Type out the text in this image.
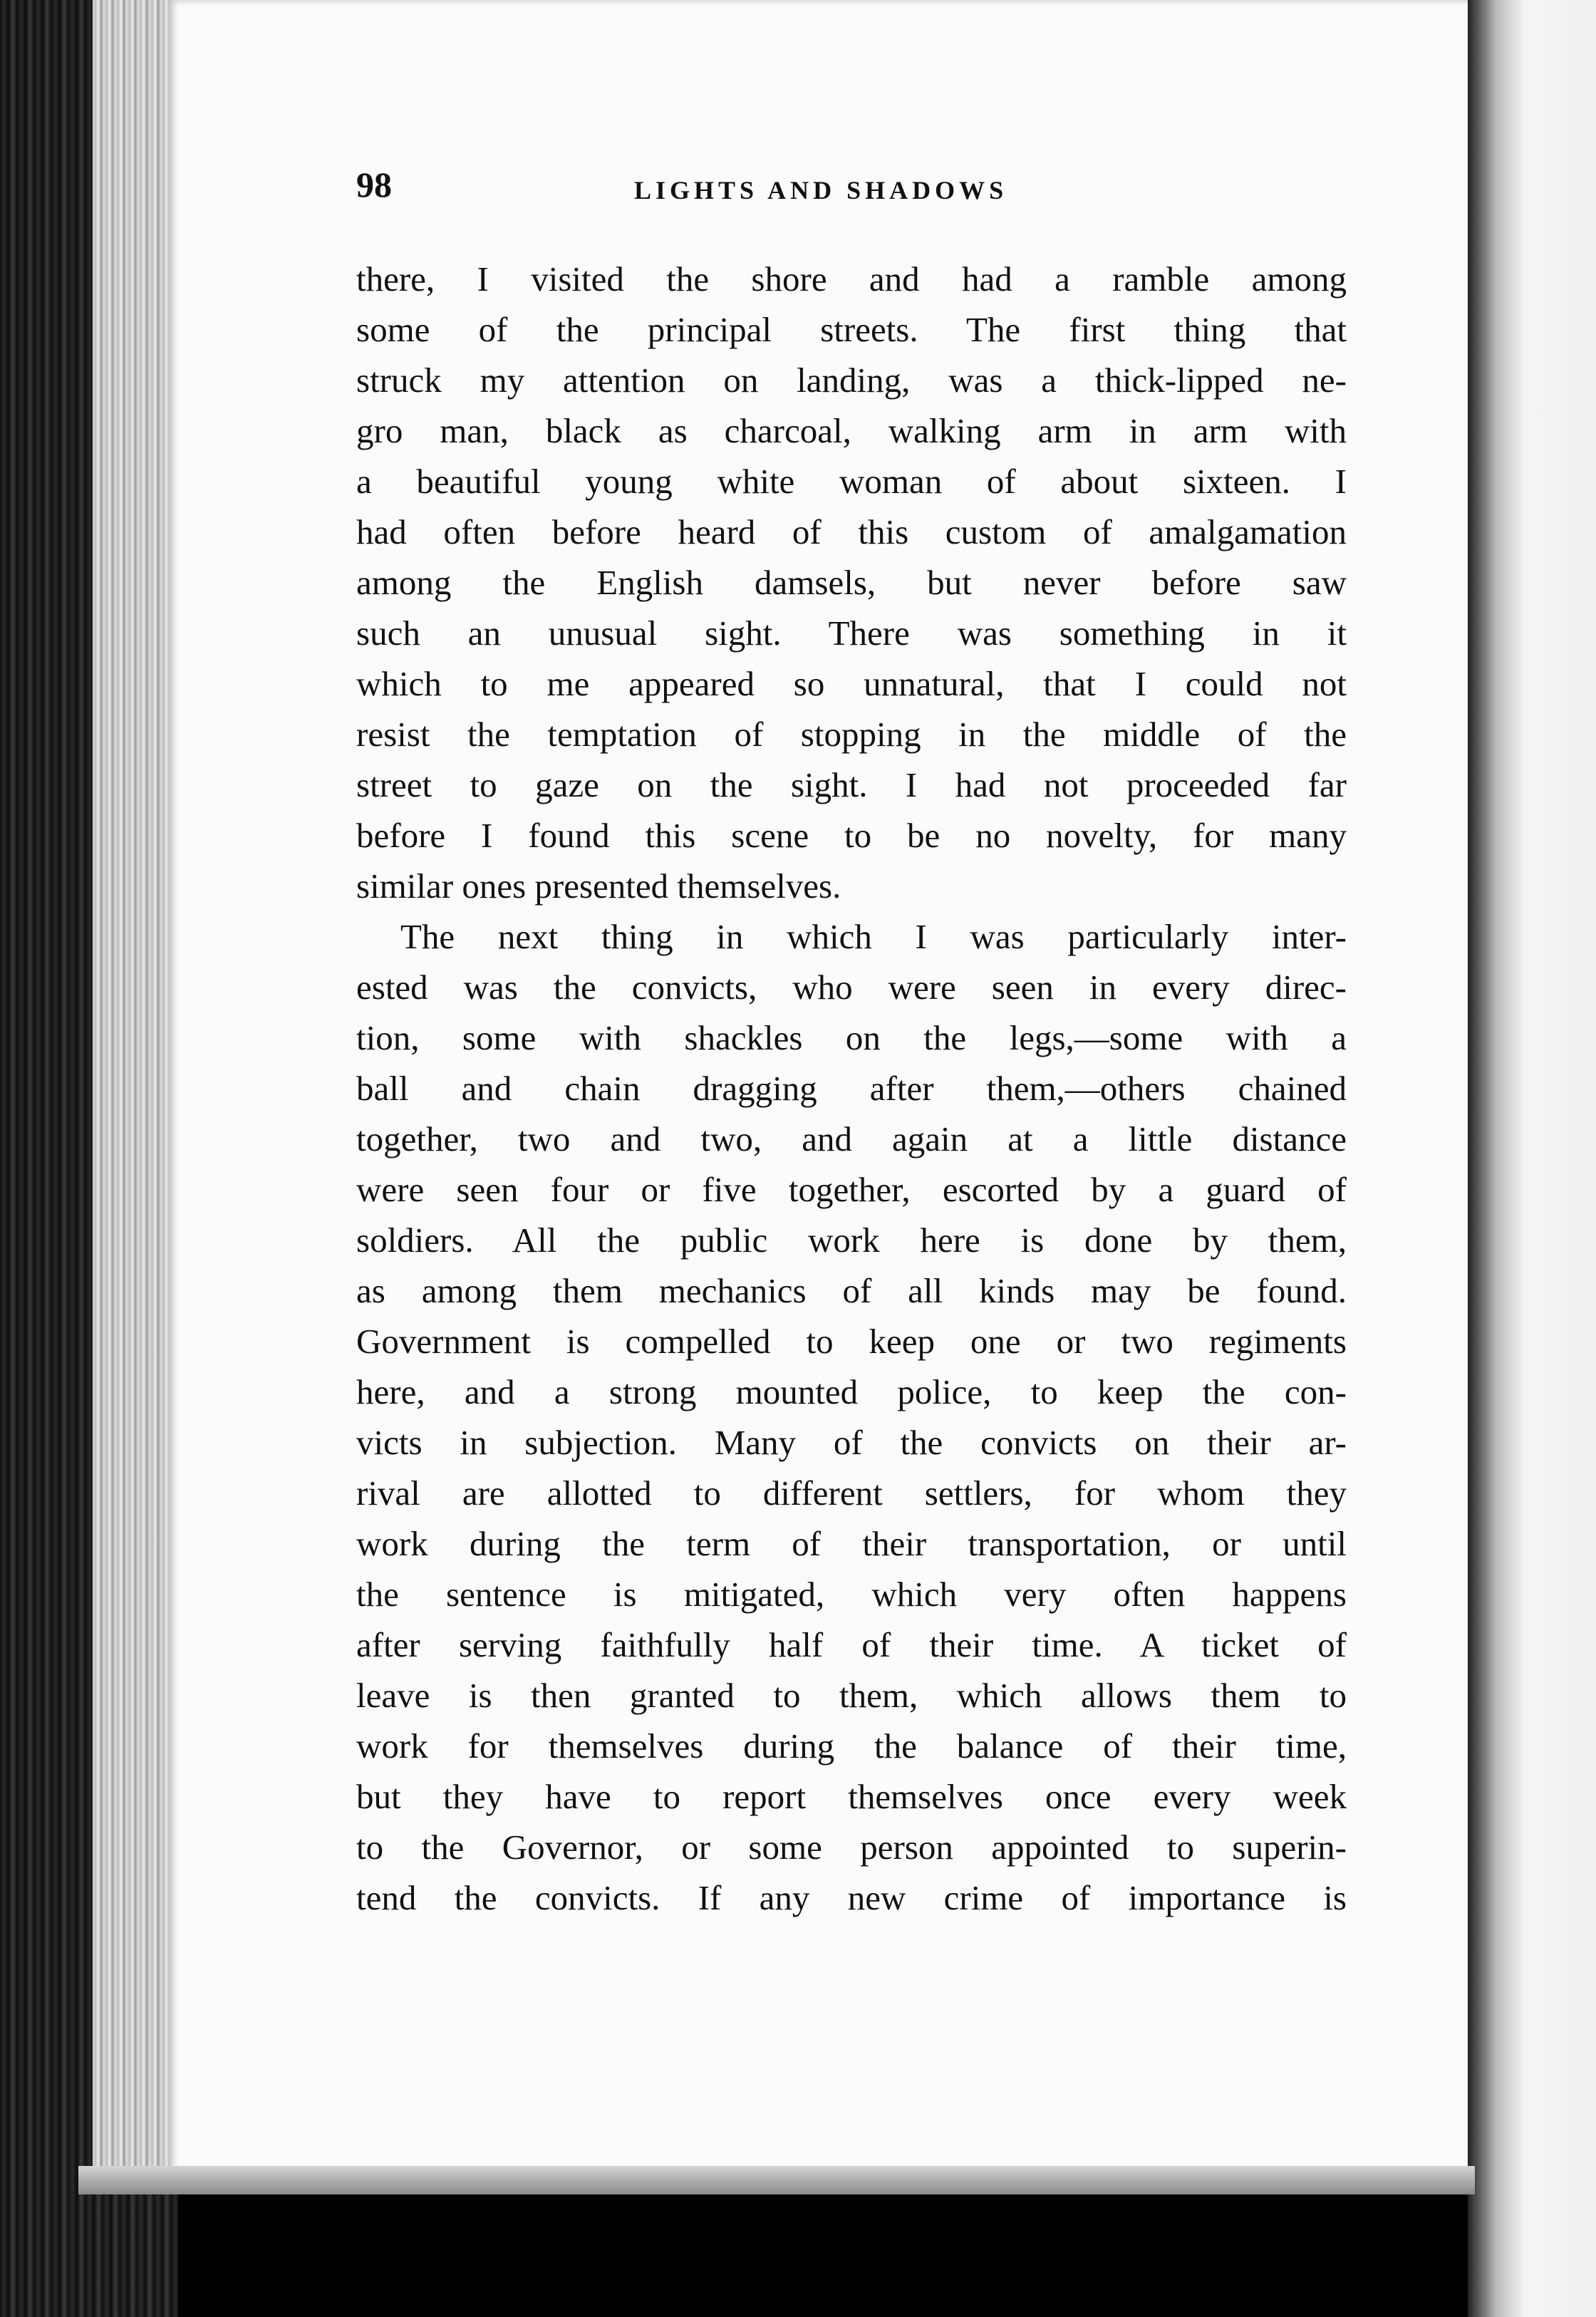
98	LIGHTS AND SHADOWS
there, I visited the shore and had a ramble among
some of the principal streets. The first thing that
struck my attention on landing, was a thick-lipped ne-
gro man, black as charcoal, walking arm in arm with
a beautiful young white woman of about sixteen. I
had often before heard of this custom of amalgamation
among the English damsels, but never before saw
such an unusual sight. There was something in it
which to me appeared so unnatural, that I could not
resist the temptation of stopping in the middle of the
street to gaze on the sight. I had not proceeded far
before I found this scene to be no novelty, for many
similar ones presented themselves.
The next thing in which I was particularly inter-
ested was the convicts, who were seen in every direc-
tion, some with shackles on the legs,—some with a
ball and chain dragging after them,—others chained
together, two and two, and again at a little distance
were seen four or five together, escorted by a guard of
soldiers. All the public work here is done by them,
as among them mechanics of all kinds may be found.
Government is compelled to keep one or two regiments
here, and a strong mounted police, to keep the con-
victs in subjection. Many of the convicts on their ar-
rival are allotted to different settlers, for whom they
work during the term of their transportation, or until
the sentence is mitigated, which very often happens
after serving faithfully half of their time. A ticket of
leave is then granted to them, which allows them to
work for themselves during the balance of their time,
but they have to report themselves once every week
to the Governor, or some person appointed to superin-
tend the convicts. If any new crime of importance is
